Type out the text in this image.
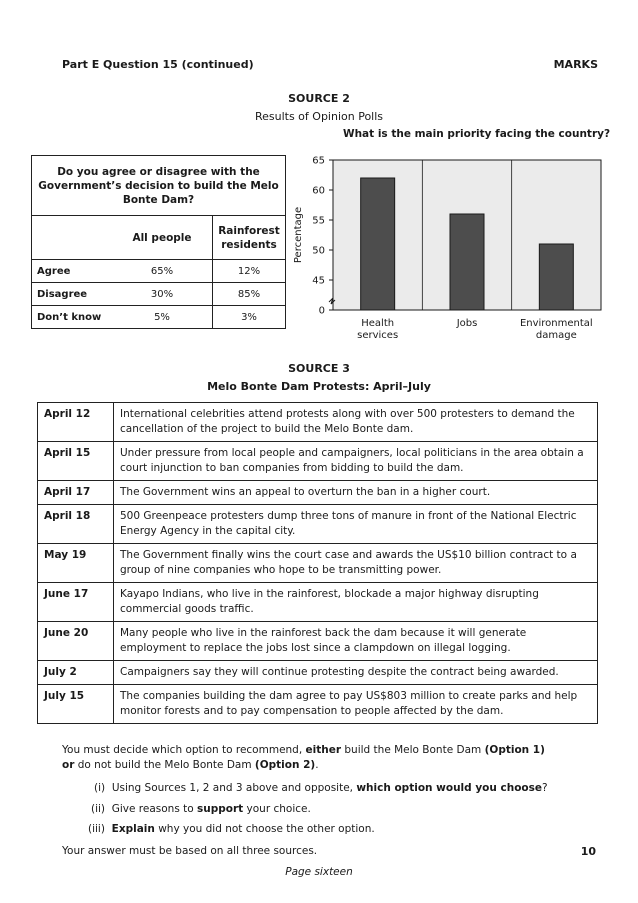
Part E Question 15 (continued)	MARKS
SOURCE 2
Results of Opinion Polls
Do you agree or disagree with the Government’s decision to build the Melo Bonte Dam?		
	All people	Rainforest residents
Agree	65%	12%
Disagree	30%	85%
Don’t know	5%	3%
What is the main priority facing the country?
0
45
50
55
60
65
Health services
Jobs	Environmental damage
Percentage
SOURCE 3
Melo Bonte Dam Protests: April–July
April 12	International celebrities attend protests along with over 500 protesters to demand the cancellation of the project to build the Melo Bonte dam.
April 15	Under pressure from local people and campaigners, local politicians in the area obtain a court injunction to ban companies from bidding to build the dam.
April 17	The Government wins an appeal to overturn the ban in a higher court.
April 18	500 Greenpeace protesters dump three tons of manure in front of the National Electric Energy Agency in the capital city.
May 19	The Government finally wins the court case and awards the US$10 billion contract to a group of nine companies who hope to be transmitting power.
June 17	Kayapo Indians, who live in the rainforest, blockade a major highway disrupting commercial goods traffic.
June 20	Many people who live in the rainforest back the dam because it will generate employment to replace the jobs lost since a clampdown on illegal logging.
July 2	Campaigners say they will continue protesting despite the contract being awarded.
July 15	The companies building the dam agree to pay US$803 million to create parks and help monitor forests and to pay compensation to people affected by the dam.
You must decide which option to recommend, either build the Melo Bonte Dam (Option 1)
or do not build the Melo Bonte Dam (Option 2).
(i) Using Sources 1, 2 and 3 above and opposite, which option would you choose?
(ii) Give reasons to support your choice.
(iii) Explain why you did not choose the other option.
Your answer must be based on all three sources.	10
Page sixteen
